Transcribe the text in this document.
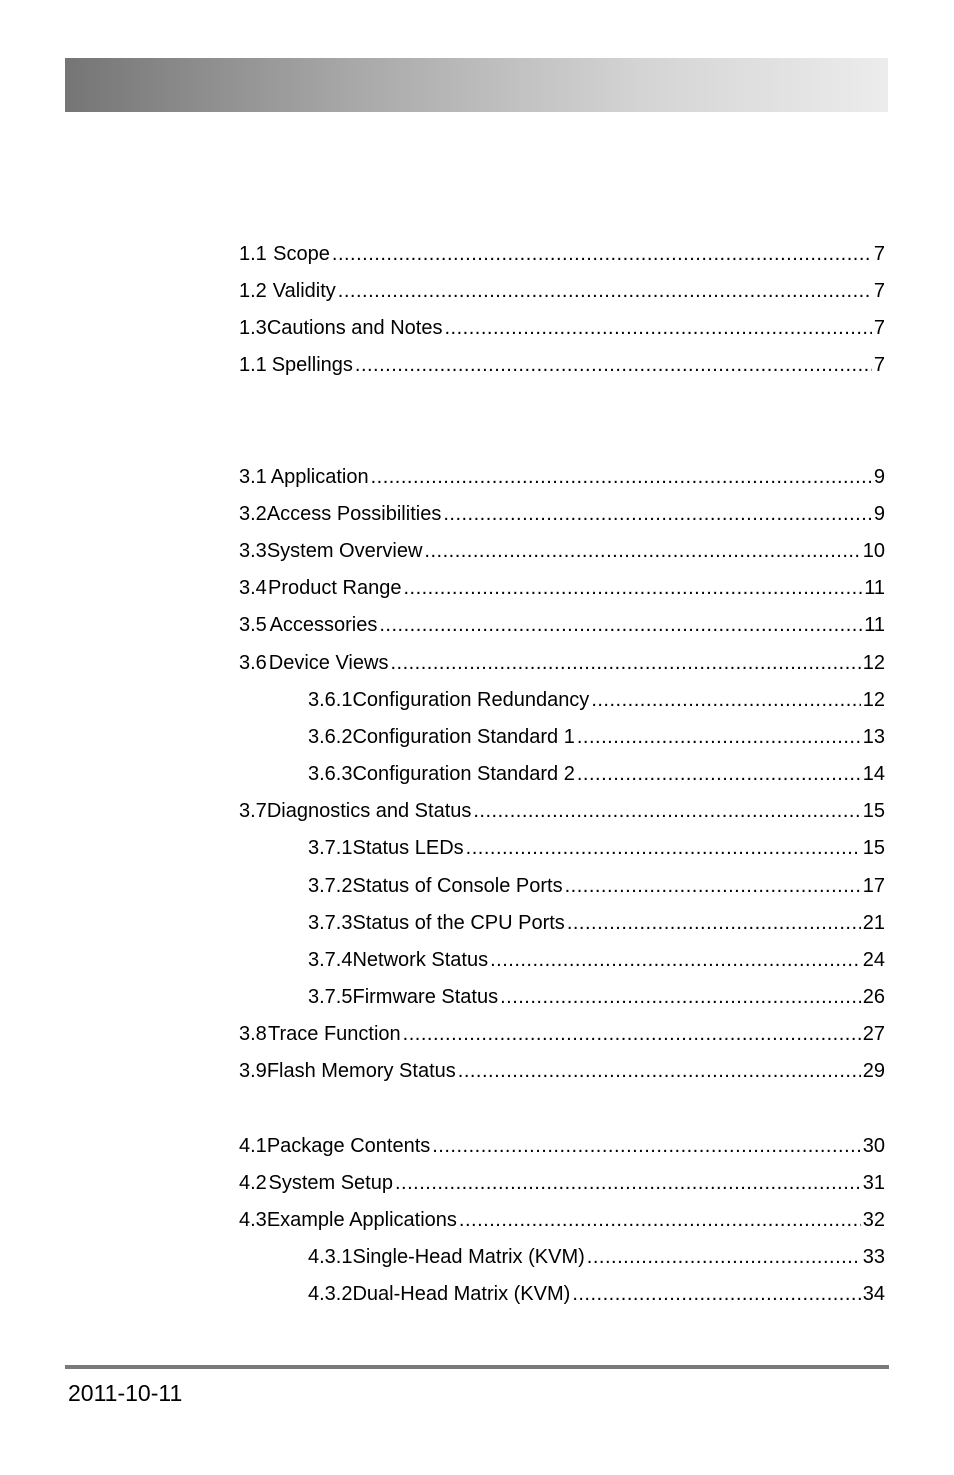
1.1 Scope .....	7
1.2 Validity .....	7
1.3 Cautions and Notes .....	7
1.1 Spellings .....	7
3.1 Application .....	9
3.2 Access Possibilities .....	9
3.3 System Overview .....	10
3.4 Product Range .....	11
3.5 Accessories .....	11
3.6 Device Views .....	12
3.6.1 Configuration Redundancy .....	12
3.6.2 Configuration Standard 1 .....	13
3.6.3 Configuration Standard 2 .....	14
3.7 Diagnostics and Status .....	15
3.7.1 Status LEDs .....	15
3.7.2 Status of Console Ports .....	17
3.7.3 Status of the CPU Ports .....	21
3.7.4 Network Status .....	24
3.7.5 Firmware Status .....	26
3.8 Trace Function .....	27
3.9 Flash Memory Status .....	29
4.1 Package Contents .....	30
4.2 System Setup .....	31
4.3 Example Applications .....	32
4.3.1 Single-Head Matrix (KVM) .....	33
4.3.2 Dual-Head Matrix (KVM) .....	34
2011-10-11
